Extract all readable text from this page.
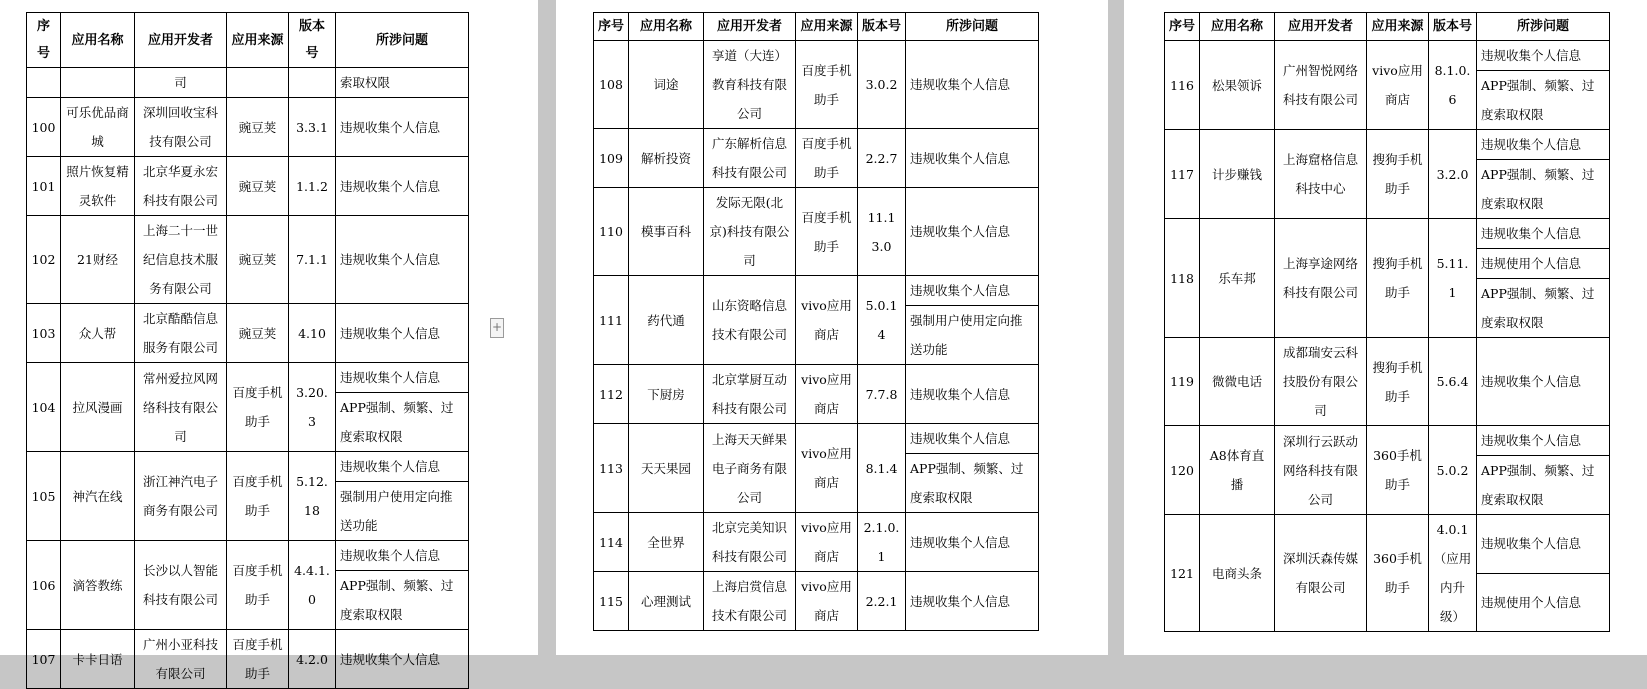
序号	应用名称	应用开发者	应用来源	版本号	所涉问题
		司			索取权限
100	可乐优品商城	深圳回收宝科技有限公司	豌豆荚	3.3.1	违规收集个人信息
101	照片恢复精灵软件	北京华夏永宏科技有限公司	豌豆荚	1.1.2	违规收集个人信息
102	21财经	上海二十一世纪信息技术服务有限公司	豌豆荚	7.1.1	违规收集个人信息
103	众人帮	北京酷酷信息服务有限公司	豌豆荚	4.10	违规收集个人信息
104	拉风漫画	常州爱拉风网络科技有限公司	百度手机助手	3.20.3	违规收集个人信息
					APP强制、频繁、过度索取权限
105	神汽在线	浙江神汽电子商务有限公司	百度手机助手	5.12.18	违规收集个人信息
					强制用户使用定向推送功能
106	滴答教练	长沙以人智能科技有限公司	百度手机助手	4.4.1.0	违规收集个人信息
					APP强制、频繁、过度索取权限
107	卡卡日语	广州小亚科技有限公司	百度手机助手	4.2.0	违规收集个人信息
+
序号	应用名称	应用开发者	应用来源	版本号	所涉问题
108	词途	享道（大连）教育科技有限公司	百度手机助手	3.0.2	违规收集个人信息
109	解析投资	广东解析信息科技有限公司	百度手机助手	2.2.7	违规收集个人信息
110	模事百科	发际无限(北京)科技有限公司	百度手机助手	11.13.0	违规收集个人信息
111	药代通	山东资略信息技术有限公司	vivo应用商店	5.0.14	违规收集个人信息
					强制用户使用定向推送功能
112	下厨房	北京掌厨互动科技有限公司	vivo应用商店	7.7.8	违规收集个人信息
113	天天果园	上海天天鲜果电子商务有限公司	vivo应用商店	8.1.4	违规收集个人信息
					APP强制、频繁、过度索取权限
114	全世界	北京完美知识科技有限公司	vivo应用商店	2.1.0.1	违规收集个人信息
115	心理测试	上海启赏信息技术有限公司	vivo应用商店	2.2.1	违规收集个人信息
序号	应用名称	应用开发者	应用来源	版本号	所涉问题
116	松果领诉	广州智悦网络科技有限公司	vivo应用商店	8.1.0.6	违规收集个人信息
					APP强制、频繁、过度索取权限
117	计步赚钱	上海窟格信息科技中心	搜狗手机助手	3.2.0	违规收集个人信息
					APP强制、频繁、过度索取权限
118	乐车邦	上海享途网络科技有限公司	搜狗手机助手	5.11.1	违规收集个人信息
					违规使用个人信息
					APP强制、频繁、过度索取权限
119	微微电话	成都瑞安云科技股份有限公司	搜狗手机助手	5.6.4	违规收集个人信息
120	A8体育直播	深圳行云跃动网络科技有限公司	360手机助手	5.0.2	违规收集个人信息
					APP强制、频繁、过度索取权限
121	电商头条	深圳沃森传媒有限公司	360手机助手	4.0.1（应用内升级）	违规收集个人信息
					违规使用个人信息
